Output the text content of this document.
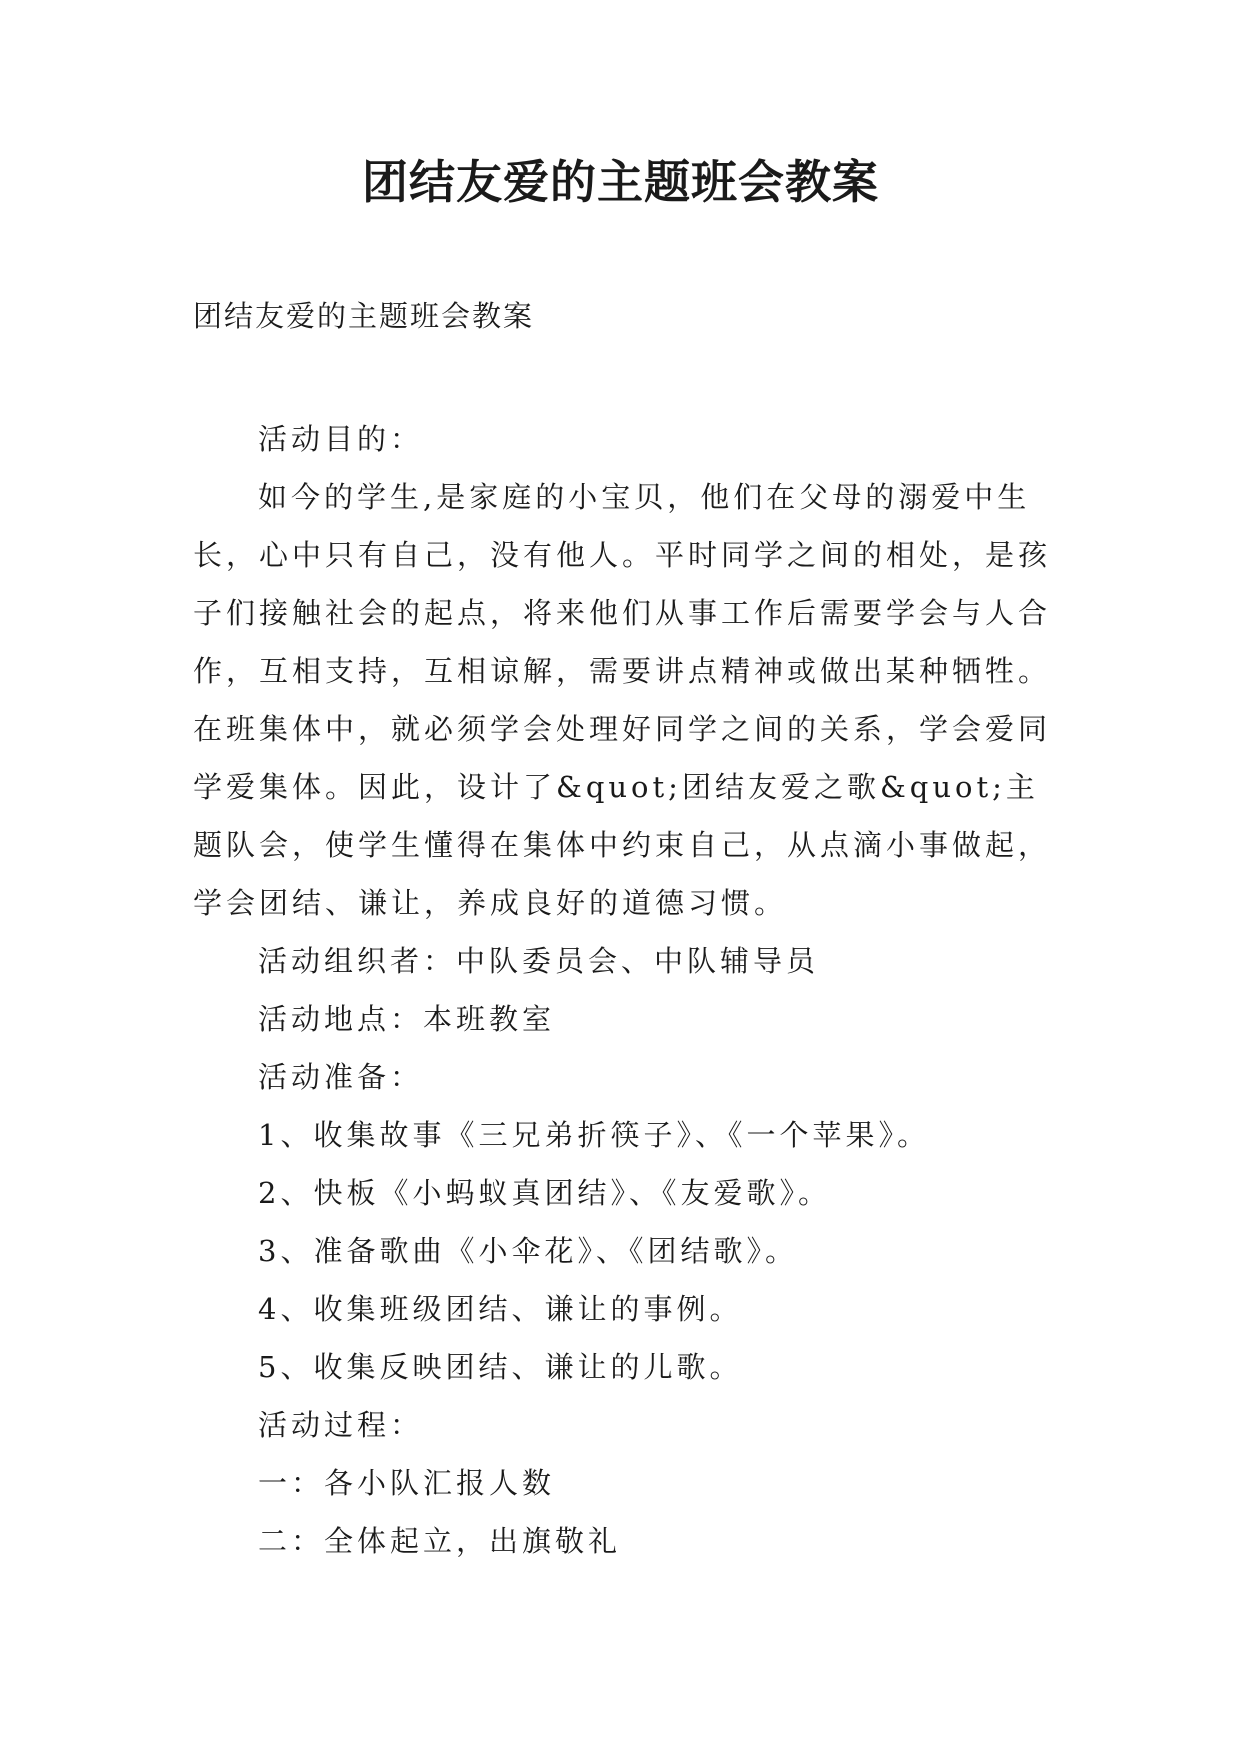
团结友爱的主题班会教案

团结友爱的主题班会教案

活动目的：

如今的学生,是家庭的小宝贝，他们在父母的溺爱中生长，心中只有自己，没有他人。平时同学之间的相处，是孩子们接触社会的起点，将来他们从事工作后需要学会与人合作，互相支持，互相谅解，需要讲点精神或做出某种牺牲。在班集体中，就必须学会处理好同学之间的关系，学会爱同学爱集体。因此，设计了&quot;团结友爱之歌&quot;主题队会，使学生懂得在集体中约束自己，从点滴小事做起，学会团结、谦让，养成良好的道德习惯。

活动组织者：中队委员会、中队辅导员

活动地点：本班教室

活动准备：

1、收集故事《三兄弟折筷子》、《一个苹果》。

2、快板《小蚂蚁真团结》、《友爱歌》。

3、准备歌曲《小伞花》、《团结歌》。

4、收集班级团结、谦让的事例。

5、收集反映团结、谦让的儿歌。

活动过程：

一：各小队汇报人数

二：全体起立，出旗敬礼
